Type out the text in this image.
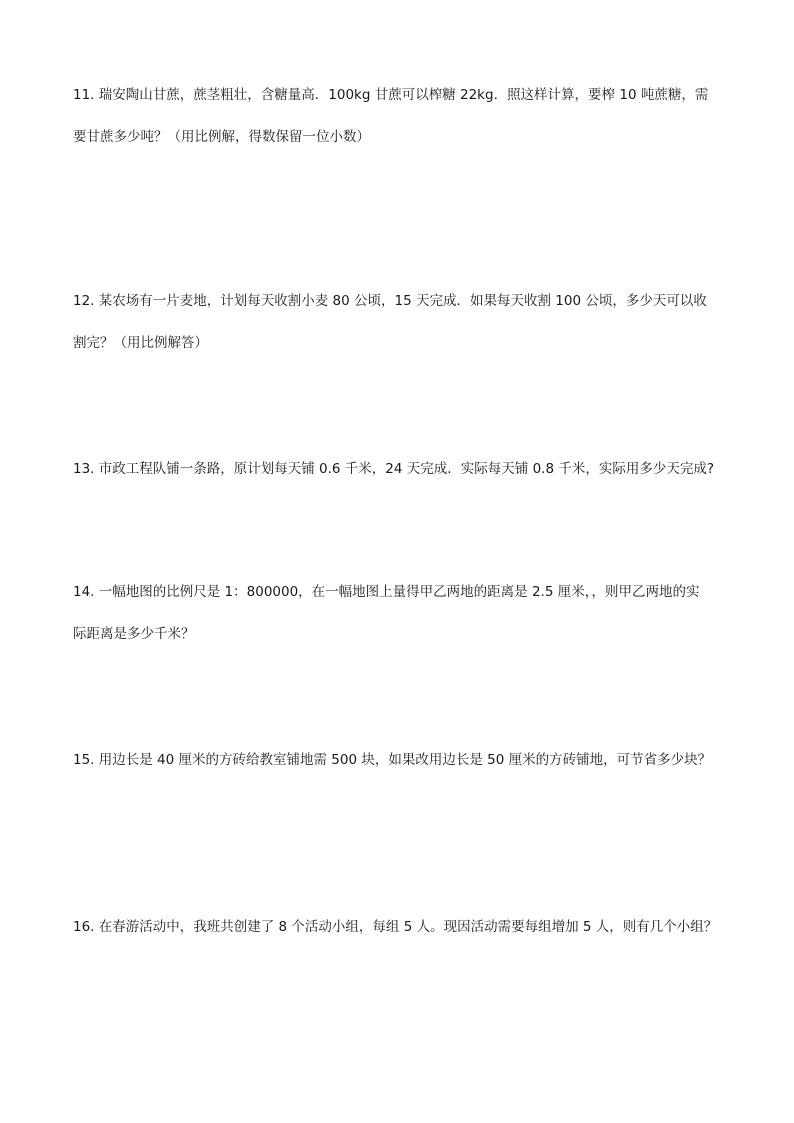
11. 瑞安陶山甘蔗，蔗茎粗壮，含糖量高．100kg 甘蔗可以榨糖 22kg．照这样计算，要榨 10 吨蔗糖，需
要甘蔗多少吨？（用比例解，得数保留一位小数）
12. 某农场有一片麦地，计划每天收割小麦 80 公顷，15 天完成．如果每天收割 100 公顷，多少天可以收
割完？（用比例解答）
13. 市政工程队铺一条路，原计划每天铺 0.6 千米，24 天完成．实际每天铺 0.8 千米，实际用多少天完成?
14. 一幅地图的比例尺是 1：800000，在一幅地图上量得甲乙两地的距离是 2.5 厘米，，则甲乙两地的实
际距离是多少千米？
15. 用边长是 40 厘米的方砖给教室铺地需 500 块，如果改用边长是 50 厘米的方砖铺地，可节省多少块？
16. 在春游活动中，我班共创建了 8 个活动小组，每组 5 人。现因活动需要每组增加 5 人，则有几个小组？
